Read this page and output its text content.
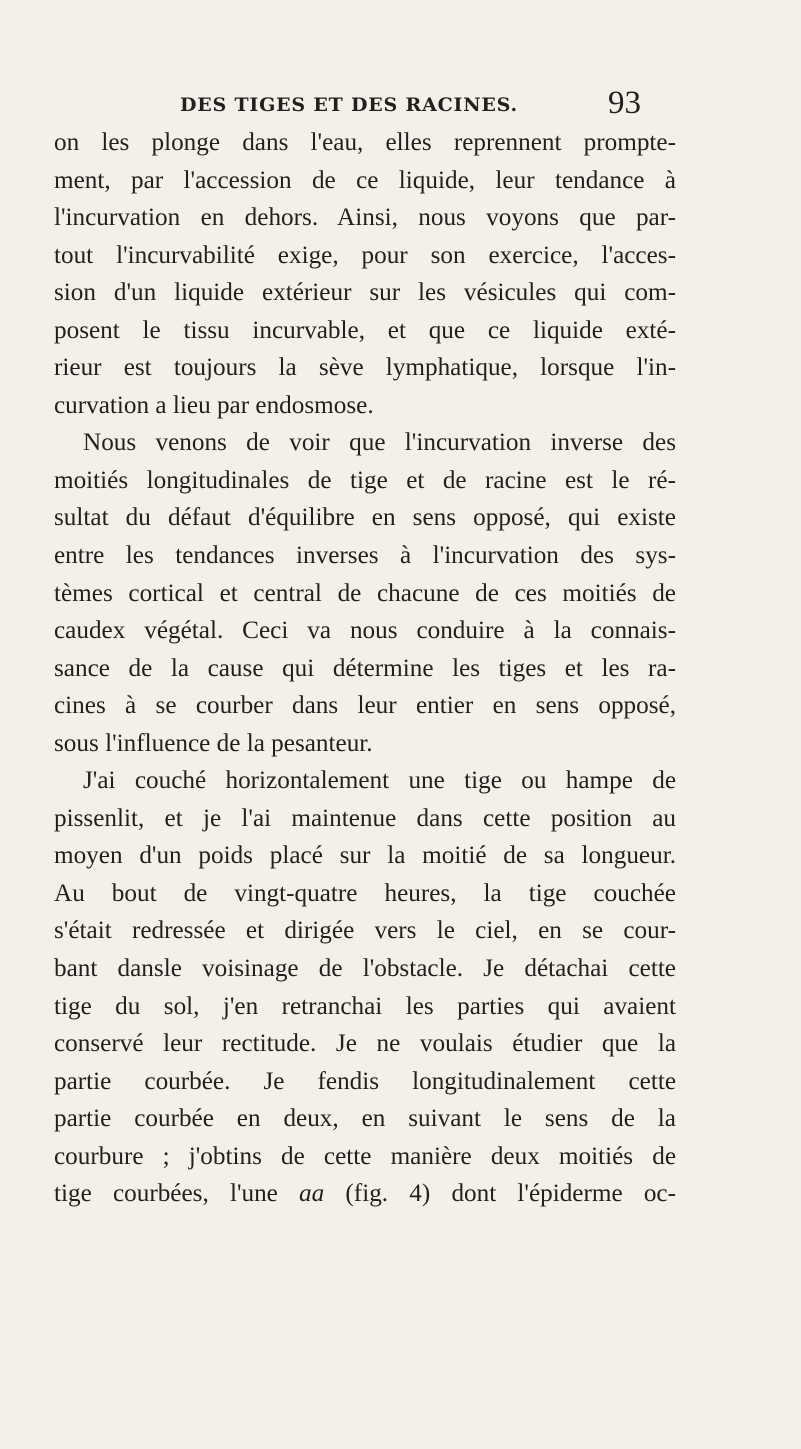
DES TIGES ET DES RACINES.	93
on les plonge dans l'eau, elles reprennent prompte-
ment, par l'accession de ce liquide, leur tendance à
l'incurvation en dehors. Ainsi, nous voyons que par-
tout l'incurvabilité exige, pour son exercice, l'acces-
sion d'un liquide extérieur sur les vésicules qui com-
posent le tissu incurvable, et que ce liquide exté-
rieur est toujours la sève lymphatique, lorsque l'in-
curvation a lieu par endosmose.
Nous venons de voir que l'incurvation inverse des
moitiés longitudinales de tige et de racine est le ré-
sultat du défaut d'équilibre en sens opposé, qui existe
entre les tendances inverses à l'incurvation des sys-
tèmes cortical et central de chacune de ces moitiés de
caudex végétal. Ceci va nous conduire à la connais-
sance de la cause qui détermine les tiges et les ra-
cines à se courber dans leur entier en sens opposé,
sous l'influence de la pesanteur.
J'ai couché horizontalement une tige ou hampe de
pissenlit, et je l'ai maintenue dans cette position au
moyen d'un poids placé sur la moitié de sa longueur.
Au bout de vingt-quatre heures, la tige couchée
s'était redressée et dirigée vers le ciel, en se cour-
bant dansle voisinage de l'obstacle. Je détachai cette
tige du sol, j'en retranchai les parties qui avaient
conservé leur rectitude. Je ne voulais étudier que la
partie courbée. Je fendis longitudinalement cette
partie courbée en deux, en suivant le sens de la
courbure ; j'obtins de cette manière deux moitiés de
tige courbées, l'une aa (fig. 4) dont l'épiderme oc-
